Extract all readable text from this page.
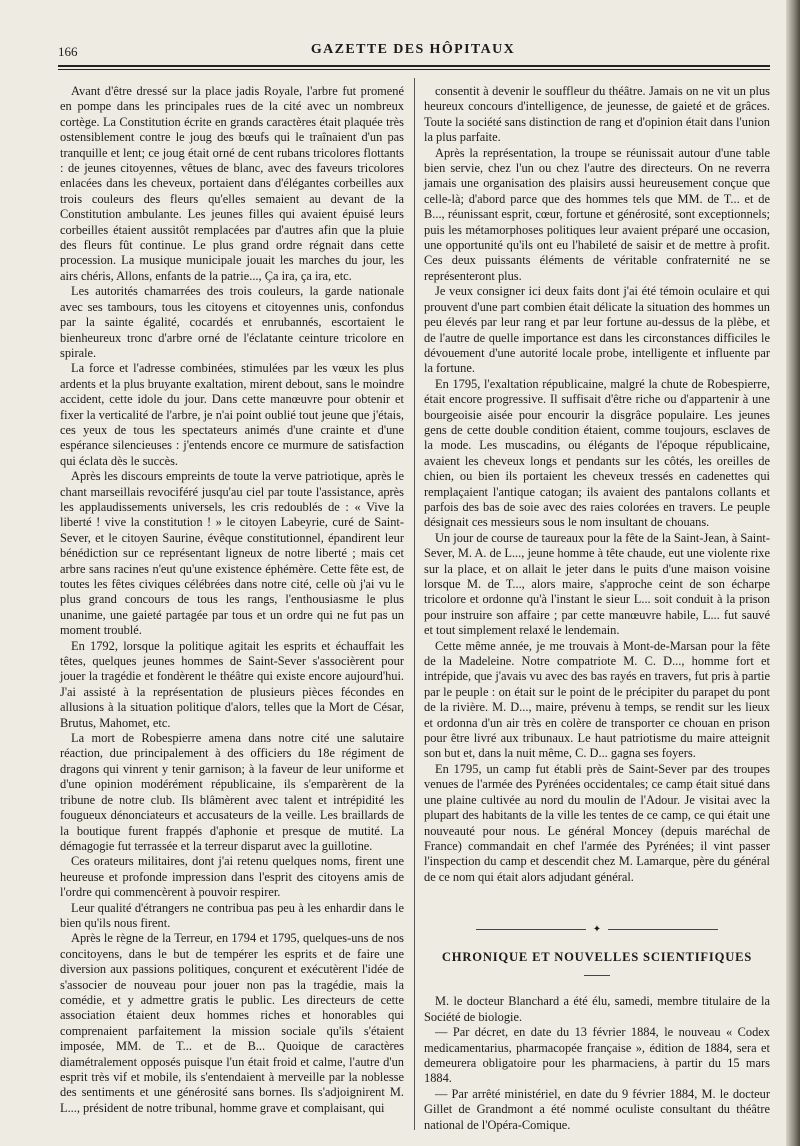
166	GAZETTE DES HÔPITAUX

Avant d'être dressé sur la place jadis Royale, l'arbre fut promené en pompe dans les principales rues de la cité avec un nombreux cortège. La Constitution écrite en grands caractères était plaquée très ostensiblement contre le joug des bœufs qui le traînaient d'un pas tranquille et lent; ce joug était orné de cent rubans tricolores flottants : de jeunes citoyennes, vêtues de blanc, avec des faveurs tricolores enlacées dans les cheveux, portaient dans d'élégantes corbeilles aux trois couleurs des fleurs qu'elles semaient au devant de la Constitution ambulante. Les jeunes filles qui avaient épuisé leurs corbeilles étaient aussitôt remplacées par d'autres afin que la pluie des fleurs fût continue. Le plus grand ordre régnait dans cette procession. La musique municipale jouait les marches du jour, les airs chéris, Allons, enfants de la patrie..., Ça ira, ça ira, etc.

Les autorités chamarrées des trois couleurs, la garde nationale avec ses tambours, tous les citoyens et citoyennes unis, confondus par la sainte égalité, cocardés et enrubannés, escortaient le bienheureux tronc d'arbre orné de l'éclatante ceinture tricolore en spirale.

La force et l'adresse combinées, stimulées par les vœux les plus ardents et la plus bruyante exaltation, mirent debout, sans le moindre accident, cette idole du jour. Dans cette manœuvre pour obtenir et fixer la verticalité de l'arbre, je n'ai point oublié tout jeune que j'étais, ces yeux de tous les spectateurs animés d'une crainte et d'une espérance silencieuses : j'entends encore ce murmure de satisfaction qui éclata dès le succès.

Après les discours empreints de toute la verve patriotique, après le chant marseillais revociféré jusqu'au ciel par toute l'assistance, après les applaudissements universels, les cris redoublés de : « Vive la liberté ! vive la constitution ! » le citoyen Labeyrie, curé de Saint-Sever, et le citoyen Saurine, évêque constitutionnel, épandirent leur bénédiction sur ce représentant ligneux de notre liberté ; mais cet arbre sans racines n'eut qu'une existence éphémère. Cette fête est, de toutes les fêtes civiques célébrées dans notre cité, celle où j'ai vu le plus grand concours de tous les rangs, l'enthousiasme le plus unanime, une gaieté partagée par tous et un ordre qui ne fut pas un moment troublé.

En 1792, lorsque la politique agitait les esprits et échauffait les têtes, quelques jeunes hommes de Saint-Sever s'associèrent pour jouer la tragédie et fondèrent le théâtre qui existe encore aujourd'hui. J'ai assisté à la représentation de plusieurs pièces fécondes en allusions à la situation politique d'alors, telles que la Mort de César, Brutus, Mahomet, etc.

La mort de Robespierre amena dans notre cité une salutaire réaction, due principalement à des officiers du 18e régiment de dragons qui vinrent y tenir garnison; à la faveur de leur uniforme et d'une opinion modérément républicaine, ils s'emparèrent de la tribune de notre club. Ils blâmèrent avec talent et intrépidité les fougueux dénonciateurs et accusateurs de la veille. Les braillards de la boutique furent frappés d'aphonie et presque de mutité. La démagogie fut terrassée et la terreur disparut avec la guillotine.

Ces orateurs militaires, dont j'ai retenu quelques noms, firent une heureuse et profonde impression dans l'esprit des citoyens amis de l'ordre qui commencèrent à pouvoir respirer.

Leur qualité d'étrangers ne contribua pas peu à les enhardir dans le bien qu'ils nous firent.

Après le règne de la Terreur, en 1794 et 1795, quelques-uns de nos concitoyens, dans le but de tempérer les esprits et de faire une diversion aux passions politiques, conçurent et exécutèrent l'idée de s'associer de nouveau pour jouer non pas la tragédie, mais la comédie, et y admettre gratis le public. Les directeurs de cette association étaient deux hommes riches et honorables qui comprenaient parfaitement la mission sociale qu'ils s'étaient imposée, MM. de T... et de B... Quoique de caractères diamétralement opposés puisque l'un était froid et calme, l'autre d'un esprit très vif et mobile, ils s'entendaient à merveille par la noblesse des sentiments et une générosité sans bornes. Ils s'adjoignirent M. L..., président de notre tribunal, homme grave et complaisant, qui

consentit à devenir le souffleur du théâtre. Jamais on ne vit un plus heureux concours d'intelligence, de jeunesse, de gaieté et de grâces. Toute la société sans distinction de rang et d'opinion était dans l'union la plus parfaite.

Après la représentation, la troupe se réunissait autour d'une table bien servie, chez l'un ou chez l'autre des directeurs. On ne reverra jamais une organisation des plaisirs aussi heureusement conçue que celle-là; d'abord parce que des hommes tels que MM. de T... et de B..., réunissant esprit, cœur, fortune et générosité, sont exceptionnels; puis les métamorphoses politiques leur avaient préparé une occasion, une opportunité qu'ils ont eu l'habileté de saisir et de mettre à profit. Ces deux puissants éléments de véritable confraternité ne se représenteront plus.

Je veux consigner ici deux faits dont j'ai été témoin oculaire et qui prouvent d'une part combien était délicate la situation des hommes un peu élevés par leur rang et par leur fortune au-dessus de la plèbe, et de l'autre de quelle importance est dans les circonstances difficiles le dévouement d'une autorité locale probe, intelligente et influente par la fortune.

En 1795, l'exaltation républicaine, malgré la chute de Robespierre, était encore progressive. Il suffisait d'être riche ou d'appartenir à une bourgeoisie aisée pour encourir la disgrâce populaire. Les jeunes gens de cette double condition étaient, comme toujours, esclaves de la mode. Les muscadins, ou élégants de l'époque républicaine, avaient les cheveux longs et pendants sur les côtés, les oreilles de chien, ou bien ils portaient les cheveux tressés en cadenettes qui remplaçaient l'antique catogan; ils avaient des pantalons collants et parfois des bas de soie avec des raies colorées en travers. Le peuple désignait ces messieurs sous le nom insultant de chouans.

Un jour de course de taureaux pour la fête de la Saint-Jean, à Saint-Sever, M. A. de L..., jeune homme à tête chaude, eut une violente rixe sur la place, et on allait le jeter dans le puits d'une maison voisine lorsque M. de T..., alors maire, s'approche ceint de son écharpe tricolore et ordonne qu'à l'instant le sieur L... soit conduit à la prison pour instruire son affaire ; par cette manœuvre habile, L... fut sauvé et tout simplement relaxé le lendemain.

Cette même année, je me trouvais à Mont-de-Marsan pour la fête de la Madeleine. Notre compatriote M. C. D..., homme fort et intrépide, que j'avais vu avec des bas rayés en travers, fut pris à partie par le peuple : on était sur le point de le précipiter du parapet du pont de la rivière. M. D..., maire, prévenu à temps, se rendit sur les lieux et ordonna d'un air très en colère de transporter ce chouan en prison pour être livré aux tribunaux. Le haut patriotisme du maire atteignit son but et, dans la nuit même, C. D... gagna ses foyers.

En 1795, un camp fut établi près de Saint-Sever par des troupes venues de l'armée des Pyrénées occidentales; ce camp était situé dans une plaine cultivée au nord du moulin de l'Adour. Je visitai avec la plupart des habitants de la ville les tentes de ce camp, ce qui était une nouveauté pour nous. Le général Moncey (depuis maréchal de France) commandait en chef l'armée des Pyrénées; il vint passer l'inspection du camp et descendit chez M. Lamarque, père du général de ce nom qui était alors adjudant général.

✦

CHRONIQUE ET NOUVELLES SCIENTIFIQUES

M. le docteur Blanchard a été élu, samedi, membre titulaire de la Société de biologie.

— Par décret, en date du 13 février 1884, le nouveau « Codex medicamentarius, pharmacopée française », édition de 1884, sera et demeurera obligatoire pour les pharmaciens, à partir du 15 mars 1884.

— Par arrêté ministériel, en date du 9 février 1884, M. le docteur Gillet de Grandmont a été nommé oculiste consultant du théâtre national de l'Opéra-Comique.
